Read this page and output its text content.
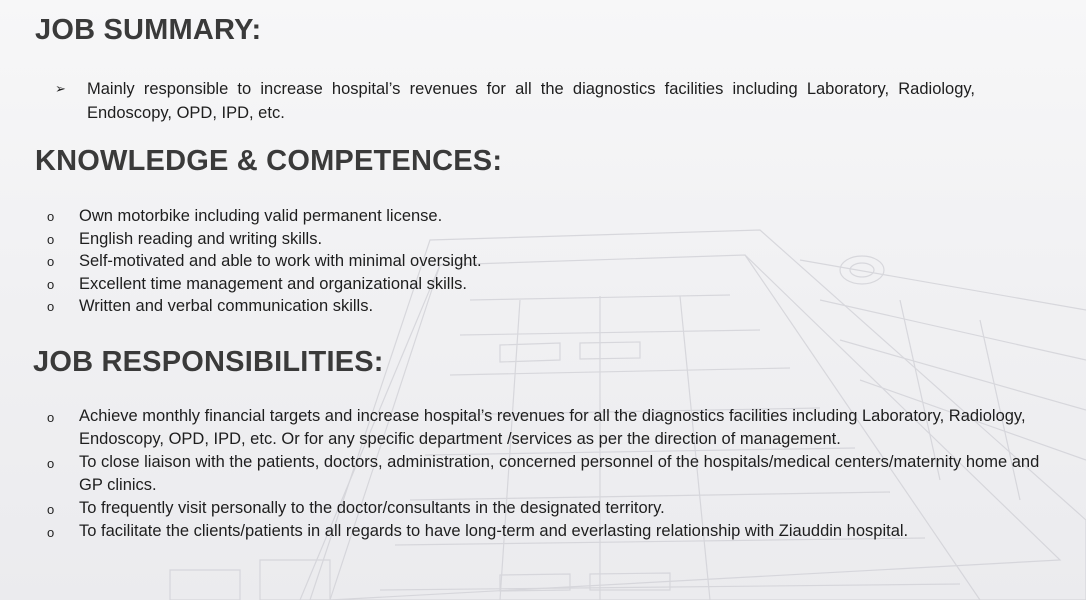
JOB SUMMARY:
➢ Mainly responsible to increase hospital’s revenues for all the diagnostics facilities including Laboratory, Radiology, Endoscopy, OPD, IPD, etc.
KNOWLEDGE & COMPETENCES:
o Own motorbike including valid permanent license.
o English reading and writing skills.
o Self-motivated and able to work with minimal oversight.
o Excellent time management and organizational skills.
o Written and verbal communication skills.
JOB RESPONSIBILITIES:
o Achieve monthly financial targets and increase hospital’s revenues for all the diagnostics facilities including Laboratory, Radiology, Endoscopy, OPD, IPD, etc. Or for any specific department /services as per the direction of management.
o To close liaison with the patients, doctors, administration, concerned personnel of the hospitals/medical centers/maternity home and GP clinics.
o To frequently visit personally to the doctor/consultants in the designated territory.
o To facilitate the clients/patients in all regards to have long-term and everlasting relationship with Ziauddin hospital.
